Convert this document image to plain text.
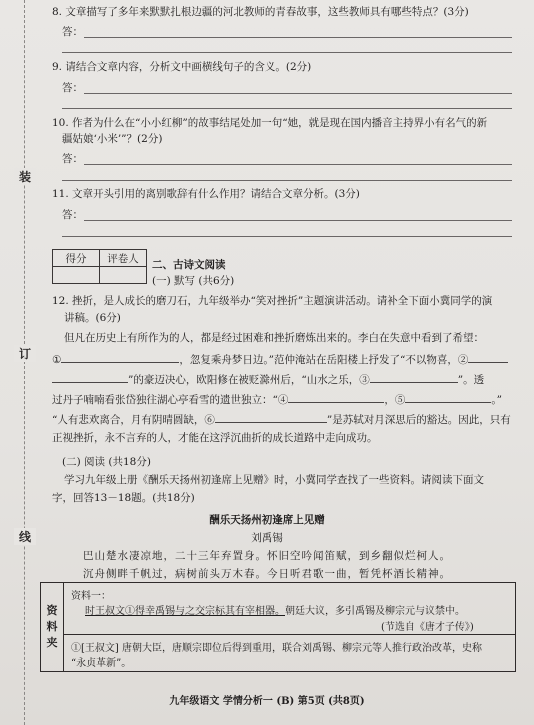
装
订
线
8. 文章描写了多年来默默扎根边疆的河北教师的青春故事，这些教师具有哪些特点？(3分)
答：
9. 请结合文章内容，分析文中画横线句子的含义。(2分)
答：
10. 作者为什么在“小小红柳”的故事结尾处加一句“她，就是现在国内播音主持界小有名气的新
疆姑娘‘小米’”？(2分)
答：
11. 文章开头引用的离别歌辞有什么作用？请结合文章分析。(3分)
答：
得分	评卷人

二、古诗文阅读
(一) 默写 (共6分)
12. 挫折，是人成长的磨刀石，九年级举办“笑对挫折”主题演讲活动。请补全下面小冀同学的演
讲稿。(6分)
但凡在历史上有所作为的人，都是经过困难和挫折磨炼出来的。李白在失意中看到了希望：
①	，忽复乘舟梦日边。”范仲淹站在岳阳楼上抒发了“不以物喜，②
”的豪迈决心，欧阳修在被贬滁州后，“山水之乐，③	”。透
过丹子喃喃看张岱独往湖心亭看雪的遗世独立：“④	，⑤	。”
“人有悲欢离合，月有阴晴圆缺，⑥	”是苏轼对月深思后的豁达。因此，只有
正视挫折，永不言弃的人，才能在这浮沉曲折的成长道路中走向成功。
(二) 阅读 (共18分)
学习九年级上册《酬乐天扬州初逢席上见赠》时，小冀同学查找了一些资料。请阅读下面文
字，回答13－18题。(共18分)
酬乐天扬州初逢席上见赠
刘禹锡
巴山楚水凄凉地，二十三年弃置身。怀旧空吟闻笛赋，到乡翻似烂柯人。
沉舟侧畔千帆过，病树前头万木春。今日听君歌一曲，暂凭杯酒长精神。
资
料
夹
资料一：
时王叔文①得幸禹锡与之交宗标其有宰相器。朝廷大议，多引禹锡及柳宗元与议禁中。
(节选自《唐才子传》)
①[王叔文] 唐朝大臣，唐顺宗即位后得到重用，联合刘禹锡、柳宗元等人推行政治改革，史称
“永贞革新”。
九年级语文 学情分析一 (B) 第5页 (共8页)
